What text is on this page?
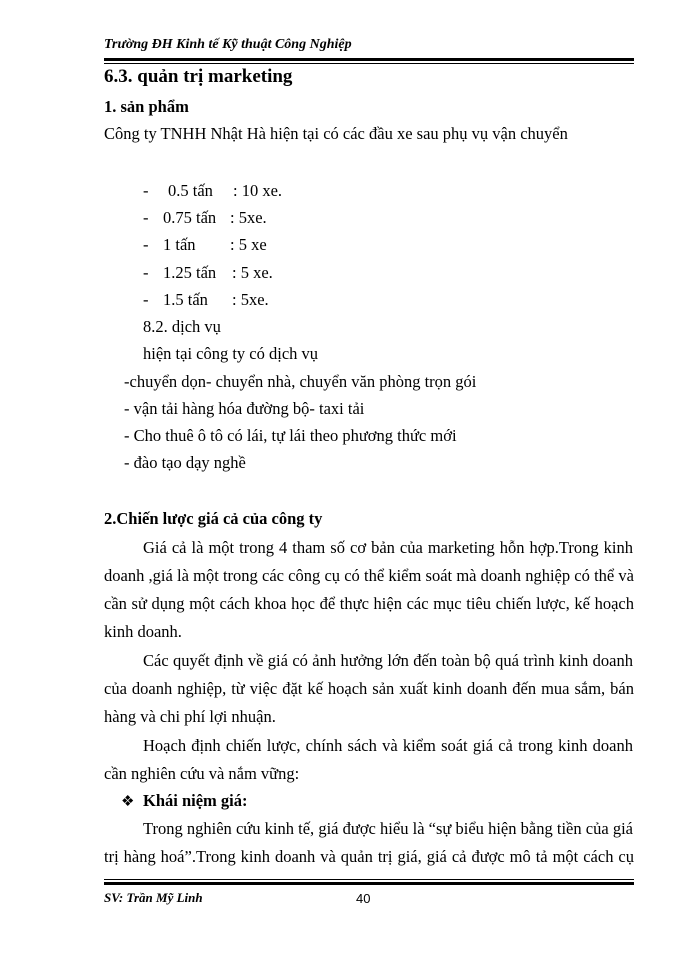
Trường ĐH Kinh tế Kỹ thuật Công Nghiệp
6.3. quản trị marketing
1. sản phẩm
Công ty TNHH Nhật Hà hiện tại có các đầu xe sau phụ vụ vận chuyển
- 0.5 tấn : 10 xe.
- 0.75 tấn : 5xe.
- 1 tấn : 5 xe
- 1.25 tấn : 5 xe.
- 1.5 tấn : 5xe.
8.2. dịch vụ
hiện tại công ty có dịch vụ
-chuyển dọn- chuyển nhà, chuyển văn phòng trọn gói
- vận tải hàng hóa đường bộ- taxi tải
- Cho thuê ô tô có lái, tự lái theo phương thức mới
- đào tạo dạy nghề
2.Chiến lược giá cả của công ty
Giá cả là một trong 4 tham số cơ bản của marketing hỗn hợp.Trong kinh
doanh ,giá là một trong các công cụ có thể kiểm soát mà doanh nghiệp có thể và
cần sử dụng một cách khoa học để thực hiện các mục tiêu chiến lược, kế hoạch
kinh doanh.
Các quyết định về giá có ảnh hưởng lớn đến toàn bộ quá trình kinh doanh
của doanh nghiệp, từ việc đặt kế hoạch sản xuất kinh doanh đến mua sắm, bán
hàng và chi phí lợi nhuận.
Hoạch định chiến lược, chính sách và kiểm soát giá cả trong kinh doanh
cần nghiên cứu và nắm vững:
❖ Khái niệm giá:
Trong nghiên cứu kinh tế, giá được hiểu là “sự biểu hiện bằng tiền của giá
trị hàng hoá”.Trong kinh doanh và quản trị giá, giá cả được mô tả một cách cụ
SV: Trần Mỹ Linh	40
